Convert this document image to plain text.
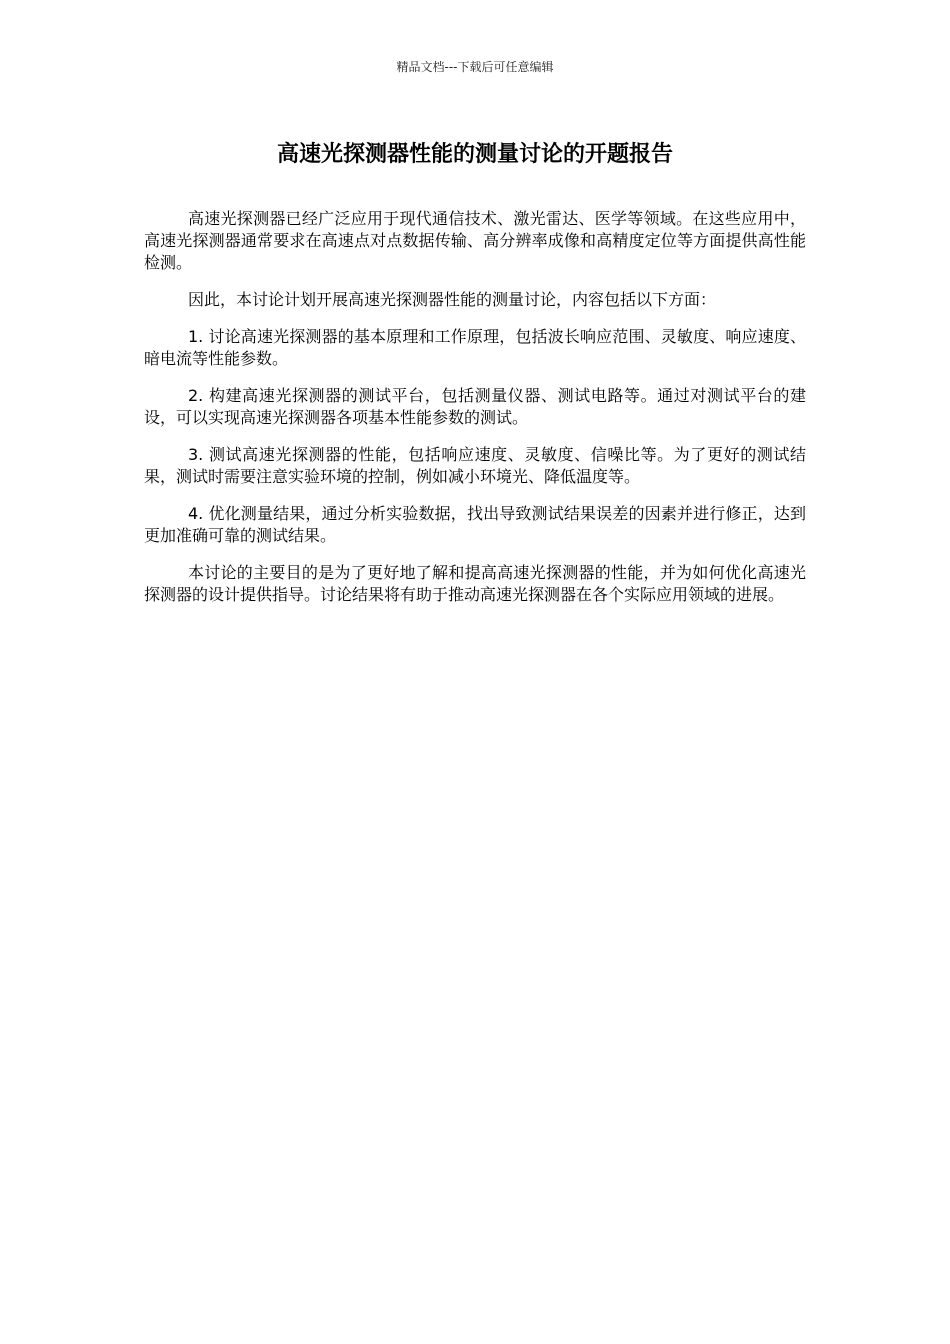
精品文档---下载后可任意编辑
高速光探测器性能的测量讨论的开题报告

高速光探测器已经广泛应用于现代通信技术、激光雷达、医学等领域。在这些应用中，高速光探测器通常要求在高速点对点数据传输、高分辨率成像和高精度定位等方面提供高性能检测。

因此，本讨论计划开展高速光探测器性能的测量讨论，内容包括以下方面：

1. 讨论高速光探测器的基本原理和工作原理，包括波长响应范围、灵敏度、响应速度、暗电流等性能参数。

2. 构建高速光探测器的测试平台，包括测量仪器、测试电路等。通过对测试平台的建设，可以实现高速光探测器各项基本性能参数的测试。

3. 测试高速光探测器的性能，包括响应速度、灵敏度、信噪比等。为了更好的测试结果，测试时需要注意实验环境的控制，例如减小环境光、降低温度等。

4. 优化测量结果，通过分析实验数据，找出导致测试结果误差的因素并进行修正，达到更加准确可靠的测试结果。

本讨论的主要目的是为了更好地了解和提高高速光探测器的性能，并为如何优化高速光探测器的设计提供指导。讨论结果将有助于推动高速光探测器在各个实际应用领域的进展。
